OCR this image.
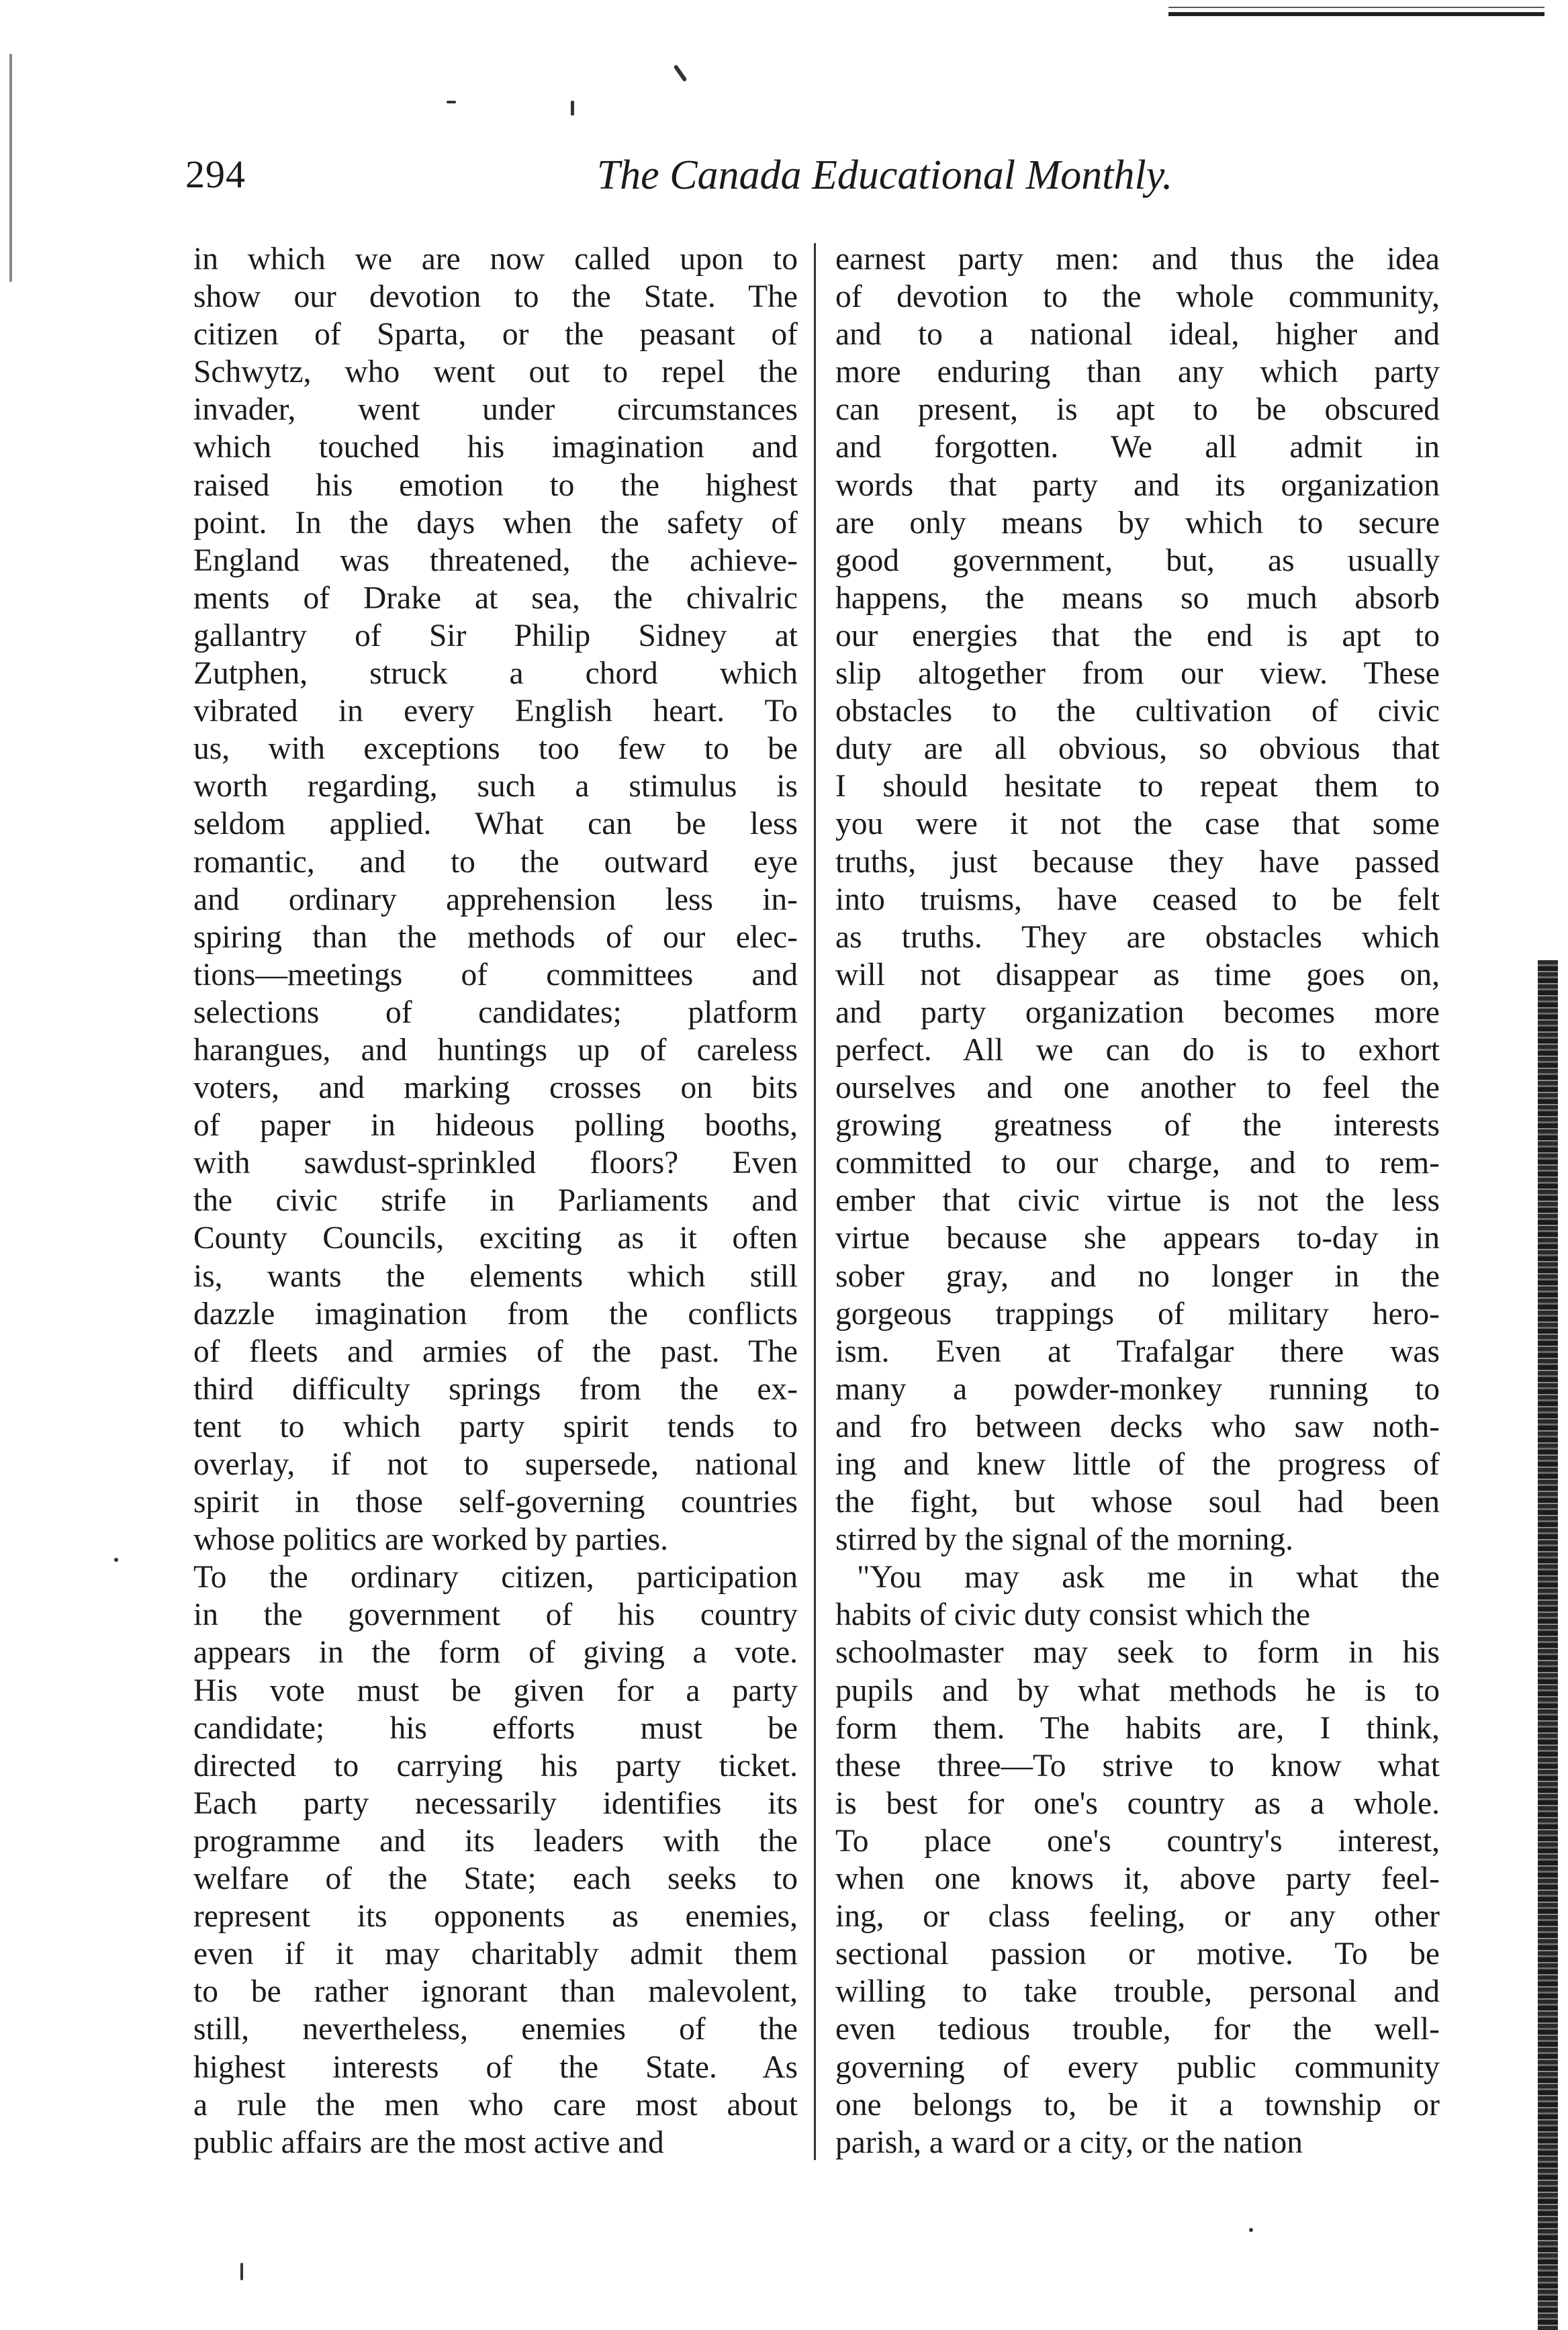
294	The Canada Educational Monthly.
in which we are now called upon to
show our devotion to the State. The
citizen of Sparta, or the peasant of
Schwytz, who went out to repel the
invader, went under circumstances
which touched his imagination and
raised his emotion to the highest
point. In the days when the safety of
England was threatened, the achieve-
ments of Drake at sea, the chivalric
gallantry of Sir Philip Sidney at
Zutphen, struck a chord which
vibrated in every English heart. To
us, with exceptions too few to be
worth regarding, such a stimulus is
seldom applied. What can be less
romantic, and to the outward eye
and ordinary apprehension less in-
spiring than the methods of our elec-
tions—meetings of committees and
selections of candidates; platform
harangues, and huntings up of careless
voters, and marking crosses on bits
of paper in hideous polling booths,
with sawdust-sprinkled floors? Even
the civic strife in Parliaments and
County Councils, exciting as it often
is, wants the elements which still
dazzle imagination from the conflicts
of fleets and armies of the past. The
third difficulty springs from the ex-
tent to which party spirit tends to
overlay, if not to supersede, national
spirit in those self-governing countries
whose politics are worked by parties.
To the ordinary citizen, participation
in the government of his country
appears in the form of giving a vote.
His vote must be given for a party
candidate; his efforts must be
directed to carrying his party ticket.
Each party necessarily identifies its
programme and its leaders with the
welfare of the State; each seeks to
represent its opponents as enemies,
even if it may charitably admit them
to be rather ignorant than malevolent,
still, nevertheless, enemies of the
highest interests of the State. As
a rule the men who care most about
public affairs are the most active and
earnest party men: and thus the idea
of devotion to the whole community,
and to a national ideal, higher and
more enduring than any which party
can present, is apt to be obscured
and forgotten. We all admit in
words that party and its organization
are only means by which to secure
good government, but, as usually
happens, the means so much absorb
our energies that the end is apt to
slip altogether from our view. These
obstacles to the cultivation of civic
duty are all obvious, so obvious that
I should hesitate to repeat them to
you were it not the case that some
truths, just because they have passed
into truisms, have ceased to be felt
as truths. They are obstacles which
will not disappear as time goes on,
and party organization becomes more
perfect. All we can do is to exhort
ourselves and one another to feel the
growing greatness of the interests
committed to our charge, and to rem-
ember that civic virtue is not the less
virtue because she appears to-day in
sober gray, and no longer in the
gorgeous trappings of military hero-
ism. Even at Trafalgar there was
many a powder-monkey running to
and fro between decks who saw noth-
ing and knew little of the progress of
the fight, but whose soul had been
stirred by the signal of the morning.
"You may ask me in what the
habits of civic duty consist which the
schoolmaster may seek to form in his
pupils and by what methods he is to
form them. The habits are, I think,
these three—To strive to know what
is best for one's country as a whole.
To place one's country's interest,
when one knows it, above party feel-
ing, or class feeling, or any other
sectional passion or motive. To be
willing to take trouble, personal and
even tedious trouble, for the well-
governing of every public community
one belongs to, be it a township or
parish, a ward or a city, or the nation
